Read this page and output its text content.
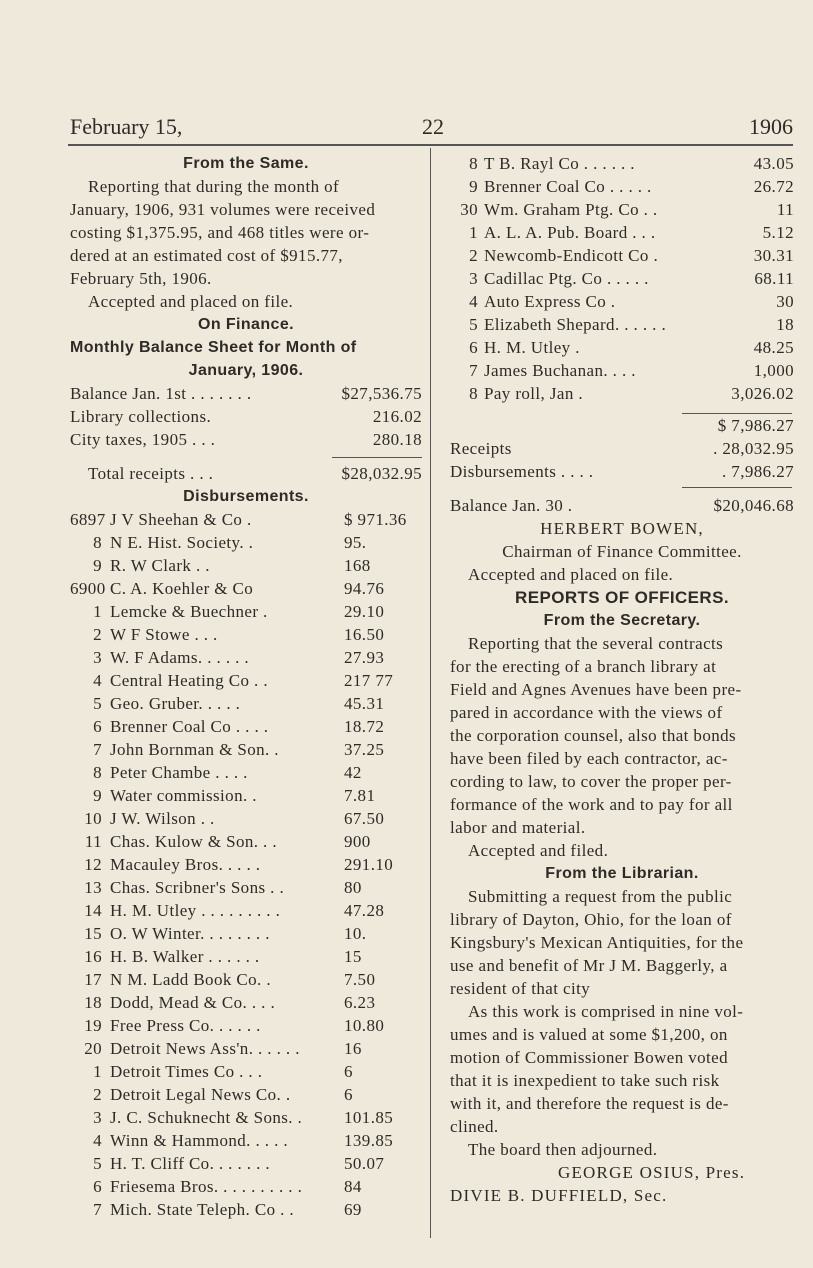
February 15,	22	1906
From the Same.
Reporting that during the month of
January, 1906, 931 volumes were received
costing $1,375.95, and 468 titles were or-
dered at an estimated cost of $915.77,
February 5th, 1906.
Accepted and placed on file.
On Finance.
Monthly Balance Sheet for Month of
January, 1906.
Balance Jan. 1st . . . . . . .	$27,536.75
Library collections.	216.02
City taxes, 1905 . . .	280.18
Total receipts . . .	$28,032.95
Disbursements.
6897 J V Sheehan & Co .	$ 971.36
8 N E. Hist. Society. .	95.
9 R. W Clark . .	168
6900 C. A. Koehler & Co	94.76
1 Lemcke & Buechner .	29.10
2 W F Stowe . . .	16.50
3 W. F Adams. . . . . .	27.93
4 Central Heating Co . .	217 77
5 Geo. Gruber. . . . .	45.31
6 Brenner Coal Co . . . .	18.72
7 John Bornman & Son. .	37.25
8 Peter Chambe . . . .	42
9 Water commission. .	7.81
10 J W. Wilson . .	67.50
11 Chas. Kulow & Son. . .	900
12 Macauley Bros. . . . .	291.10
13 Chas. Scribner's Sons . .	80
14 H. M. Utley . . . . . . . . .	47.28
15 O. W Winter. . . . . . . .	10.
16 H. B. Walker . . . . . .	15
17 N M. Ladd Book Co. .	7.50
18 Dodd, Mead & Co. . . .	6.23
19 Free Press Co. . . . . .	10.80
20 Detroit News Ass'n. . . . . .	16
1 Detroit Times Co . . .	6
2 Detroit Legal News Co. .	6
3 J. C. Schuknecht & Sons. .	101.85
4 Winn & Hammond. . . . .	139.85
5 H. T. Cliff Co. . . . . . .	50.07
6 Friesema Bros. . . . . . . . . .	84
7 Mich. State Teleph. Co . .	69
8 T B. Rayl Co . . . . . .	43.05
9 Brenner Coal Co . . . . .	26.72
30 Wm. Graham Ptg. Co . .	11
1 A. L. A. Pub. Board . . .	5.12
2 Newcomb-Endicott Co .	30.31
3 Cadillac Ptg. Co . . . . .	68.11
4 Auto Express Co .	30
5 Elizabeth Shepard. . . . . .	18
6 H. M. Utley .	48.25
7 James Buchanan. . . .	1,000
8 Pay roll, Jan .	3,026.02
$ 7,986.27
Receipts	. 28,032.95
Disbursements . . . .	. 7,986.27
Balance Jan. 30 .	$20,046.68
HERBERT BOWEN,
Chairman of Finance Committee.
Accepted and placed on file.
REPORTS OF OFFICERS.
From the Secretary.
Reporting that the several contracts
for the erecting of a branch library at
Field and Agnes Avenues have been pre-
pared in accordance with the views of
the corporation counsel, also that bonds
have been filed by each contractor, ac-
cording to law, to cover the proper per-
formance of the work and to pay for all
labor and material.
Accepted and filed.
From the Librarian.
Submitting a request from the public
library of Dayton, Ohio, for the loan of
Kingsbury's Mexican Antiquities, for the
use and benefit of Mr J M. Baggerly, a
resident of that city
As this work is comprised in nine vol-
umes and is valued at some $1,200, on
motion of Commissioner Bowen voted
that it is inexpedient to take such risk
with it, and therefore the request is de-
clined.
The board then adjourned.
GEORGE OSIUS, Pres.
DIVIE B. DUFFIELD, Sec.
